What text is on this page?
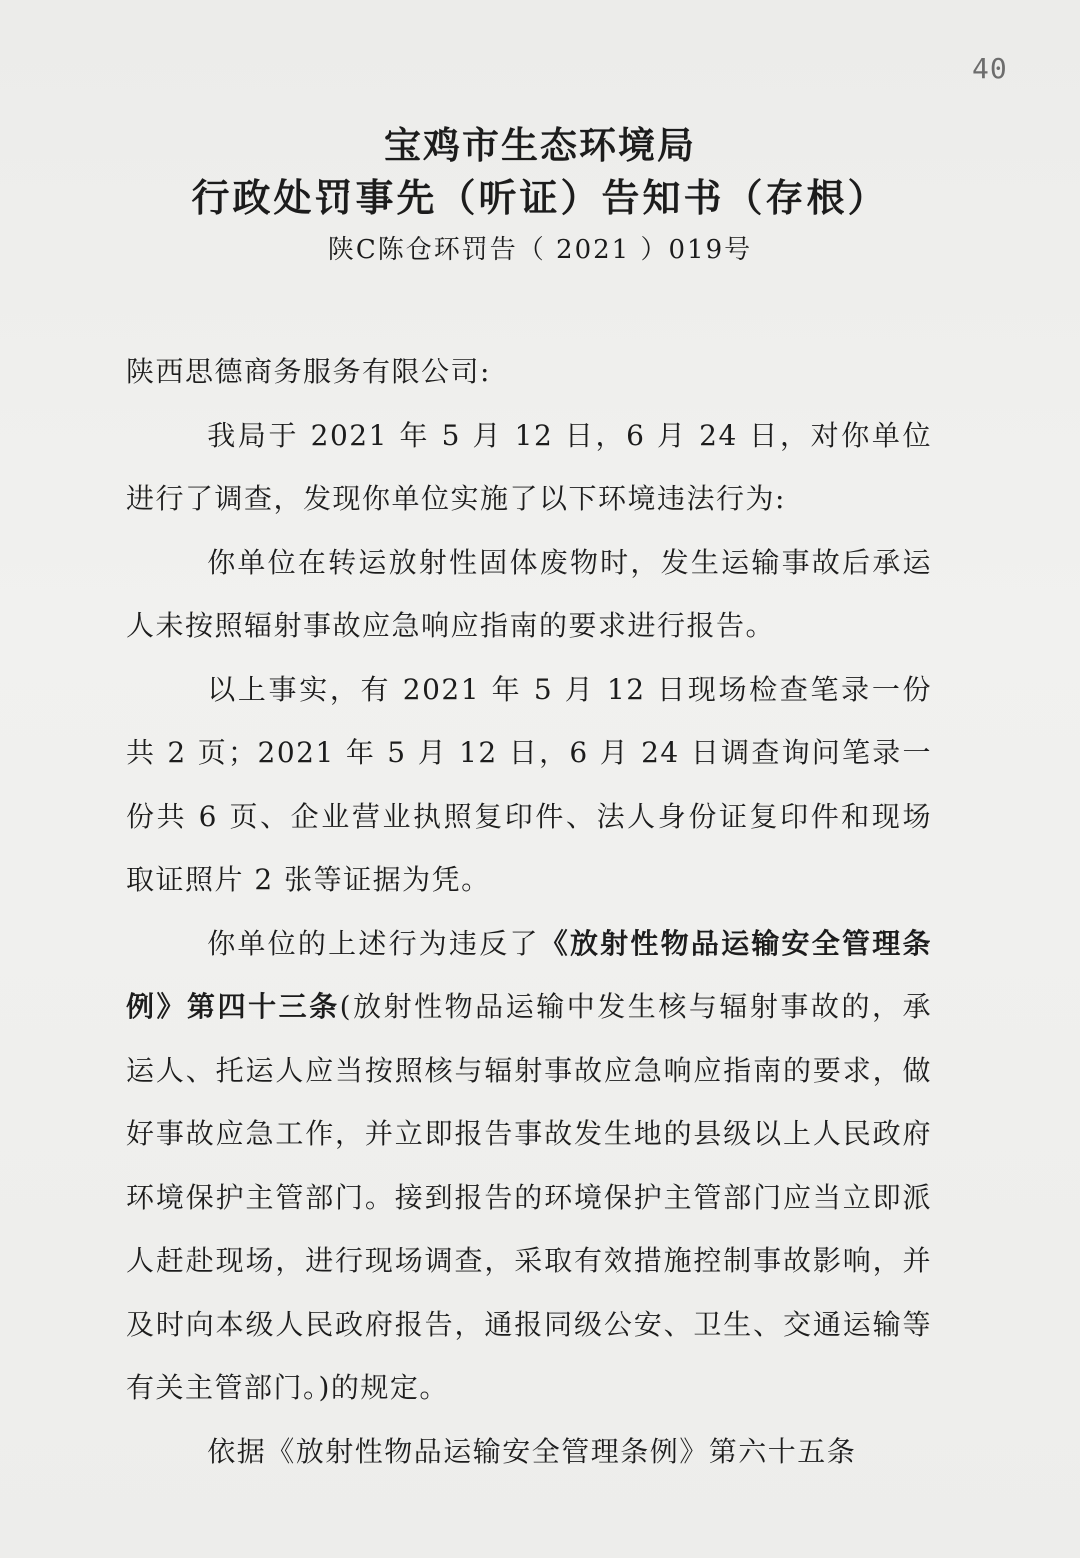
40
宝鸡市生态环境局
行政处罚事先（听证）告知书（存根）
陕C陈仓环罚告（ 2021 ）019号

陕西思德商务服务有限公司:

我局于 2021 年 5 月 12 日，6 月 24 日，对你单位进行了调查，发现你单位实施了以下环境违法行为:

你单位在转运放射性固体废物时，发生运输事故后承运人未按照辐射事故应急响应指南的要求进行报告。

以上事实，有 2021 年 5 月 12 日现场检查笔录一份共 2 页；2021 年 5 月 12 日，6 月 24 日调查询问笔录一份共 6 页、企业营业执照复印件、法人身份证复印件和现场取证照片 2 张等证据为凭。

你单位的上述行为违反了《放射性物品运输安全管理条例》第四十三条(放射性物品运输中发生核与辐射事故的，承运人、托运人应当按照核与辐射事故应急响应指南的要求，做好事故应急工作，并立即报告事故发生地的县级以上人民政府环境保护主管部门。接到报告的环境保护主管部门应当立即派人赶赴现场，进行现场调查，采取有效措施控制事故影响，并及时向本级人民政府报告，通报同级公安、卫生、交通运输等有关主管部门。)的规定。

依据《放射性物品运输安全管理条例》第六十五条
